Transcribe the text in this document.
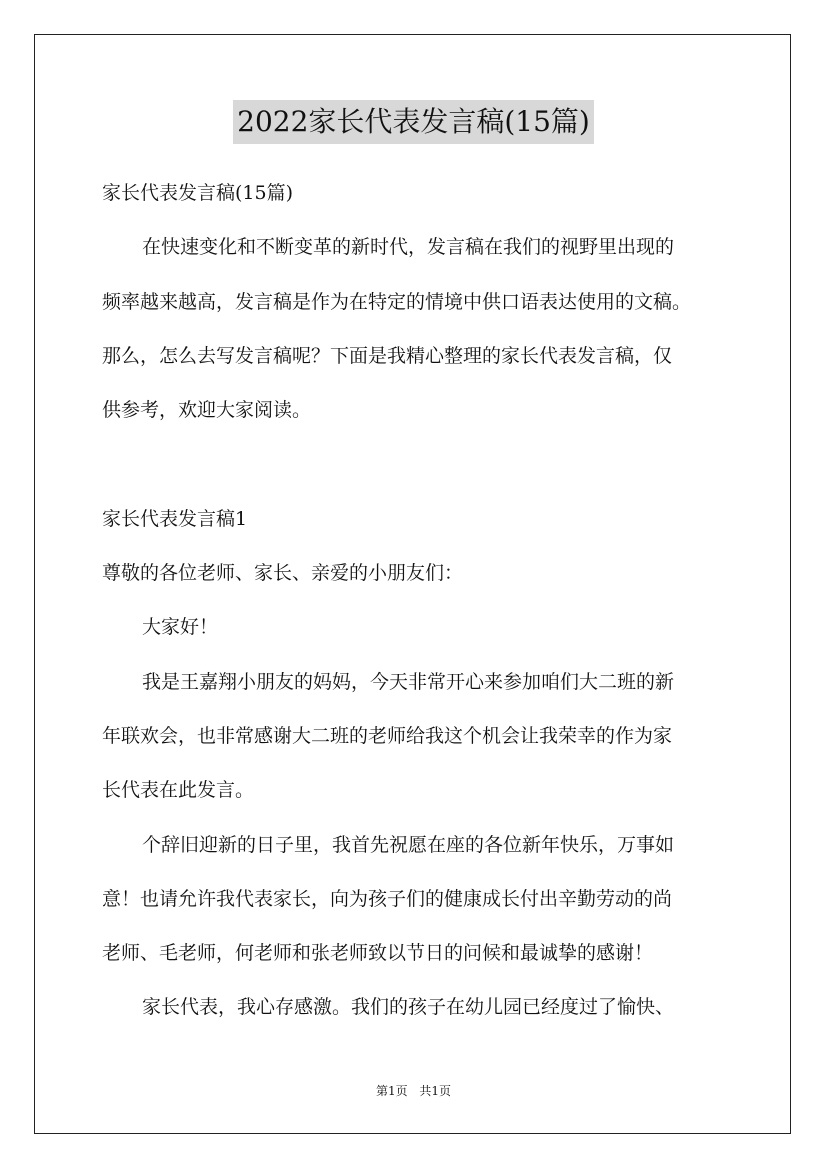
2022家长代表发言稿(15篇)
家长代表发言稿(15篇)
在快速变化和不断变革的新时代，发言稿在我们的视野里出现的
频率越来越高，发言稿是作为在特定的情境中供口语表达使用的文稿。
那么，怎么去写发言稿呢？下面是我精心整理的家长代表发言稿，仅
供参考，欢迎大家阅读。
家长代表发言稿1
尊敬的各位老师、家长、亲爱的小朋友们：
大家好！
我是王嘉翔小朋友的妈妈，今天非常开心来参加咱们大二班的新
年联欢会，也非常感谢大二班的老师给我这个机会让我荣幸的作为家
长代表在此发言。
个辞旧迎新的日子里，我首先祝愿在座的各位新年快乐，万事如
意！也请允许我代表家长，向为孩子们的健康成长付出辛勤劳动的尚
老师、毛老师，何老师和张老师致以节日的问候和最诚挚的感谢！
家长代表，我心存感激。我们的孩子在幼儿园已经度过了愉快、
第1页 共1页
